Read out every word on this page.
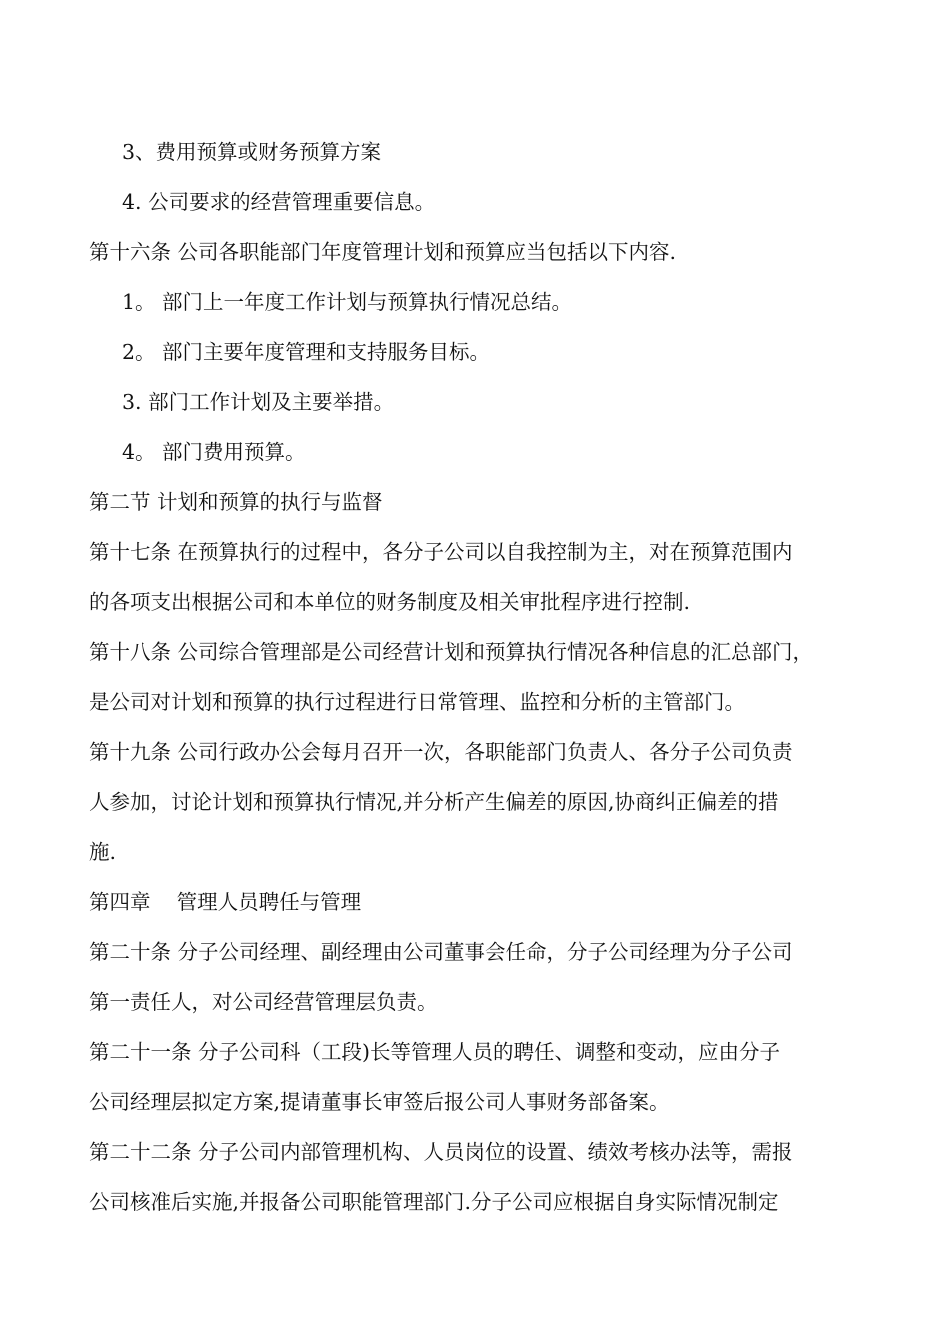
3、费用预算或财务预算方案
4. 公司要求的经营管理重要信息。
第十六条 公司各职能部门年度管理计划和预算应当包括以下内容.
1。 部门上一年度工作计划与预算执行情况总结。
2。 部门主要年度管理和支持服务目标。
3. 部门工作计划及主要举措。
4。 部门费用预算。
第二节 计划和预算的执行与监督
第十七条 在预算执行的过程中，各分子公司以自我控制为主，对在预算范围内
的各项支出根据公司和本单位的财务制度及相关审批程序进行控制.
第十八条 公司综合管理部是公司经营计划和预算执行情况各种信息的汇总部门，
是公司对计划和预算的执行过程进行日常管理、监控和分析的主管部门。
第十九条 公司行政办公会每月召开一次，各职能部门负责人、各分子公司负责
人参加，讨论计划和预算执行情况,并分析产生偏差的原因,协商纠正偏差的措
施.
第四章    管理人员聘任与管理
第二十条 分子公司经理、副经理由公司董事会任命，分子公司经理为分子公司
第一责任人，对公司经营管理层负责。
第二十一条 分子公司科（工段)长等管理人员的聘任、调整和变动，应由分子
公司经理层拟定方案,提请董事长审签后报公司人事财务部备案。
第二十二条 分子公司内部管理机构、人员岗位的设置、绩效考核办法等，需报
公司核准后实施,并报备公司职能管理部门.分子公司应根据自身实际情况制定
